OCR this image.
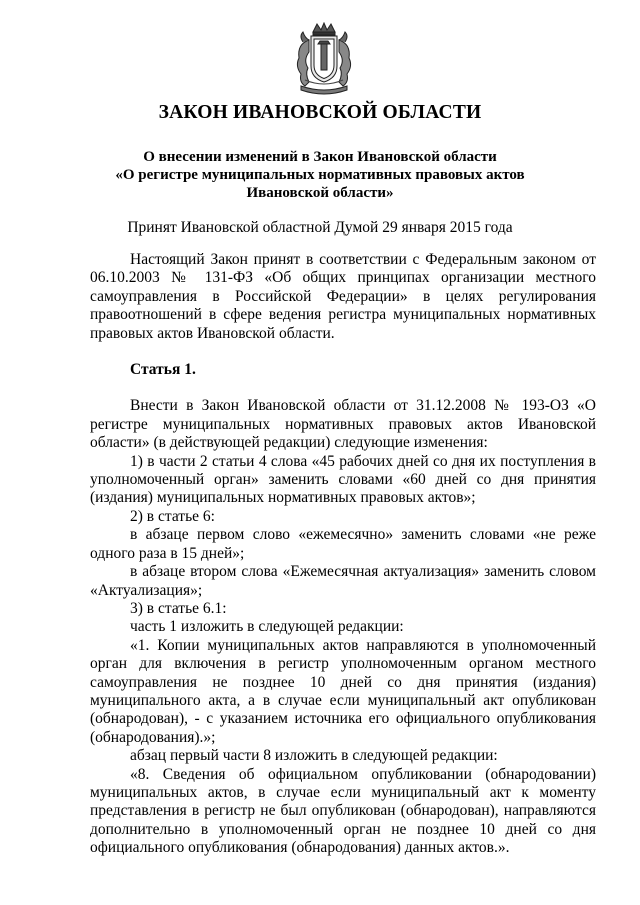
ЗАКОН ИВАНОВСКОЙ ОБЛАСТИ
О внесении изменений в Закон Ивановской области
«О регистре муниципальных нормативных правовых актов
Ивановской области»
Принят Ивановской областной Думой 29 января 2015 года

Настоящий Закон принят в соответствии с Федеральным законом от 06.10.2003 № 131-ФЗ «Об общих принципах организации местного самоуправления в Российской Федерации» в целях регулирования правоотношений в сфере ведения регистра муниципальных нормативных правовых актов Ивановской области.

Статья 1.

Внести в Закон Ивановской области от 31.12.2008 № 193-ОЗ «О регистре муниципальных нормативных правовых актов Ивановской области» (в действующей редакции) следующие изменения:

1) в части 2 статьи 4 слова «45 рабочих дней со дня их поступления в уполномоченный орган» заменить словами «60 дней со дня принятия (издания) муниципальных нормативных правовых актов»;

2) в статье 6:

в абзаце первом слово «ежемесячно» заменить словами «не реже одного раза в 15 дней»;

в абзаце втором слова «Ежемесячная актуализация» заменить словом «Актуализация»;

3) в статье 6.1:

часть 1 изложить в следующей редакции:

«1. Копии муниципальных актов направляются в уполномоченный орган для включения в регистр уполномоченным органом местного самоуправления не позднее 10 дней со дня принятия (издания) муниципального акта, а в случае если муниципальный акт опубликован (обнародован), - с указанием источника его официального опубликования (обнародования).»;

абзац первый части 8 изложить в следующей редакции:

«8. Сведения об официальном опубликовании (обнародовании) муниципальных актов, в случае если муниципальный акт к моменту представления в регистр не был опубликован (обнародован), направляются дополнительно в уполномоченный орган не позднее 10 дней со дня официального опубликования (обнародования) данных актов.».
